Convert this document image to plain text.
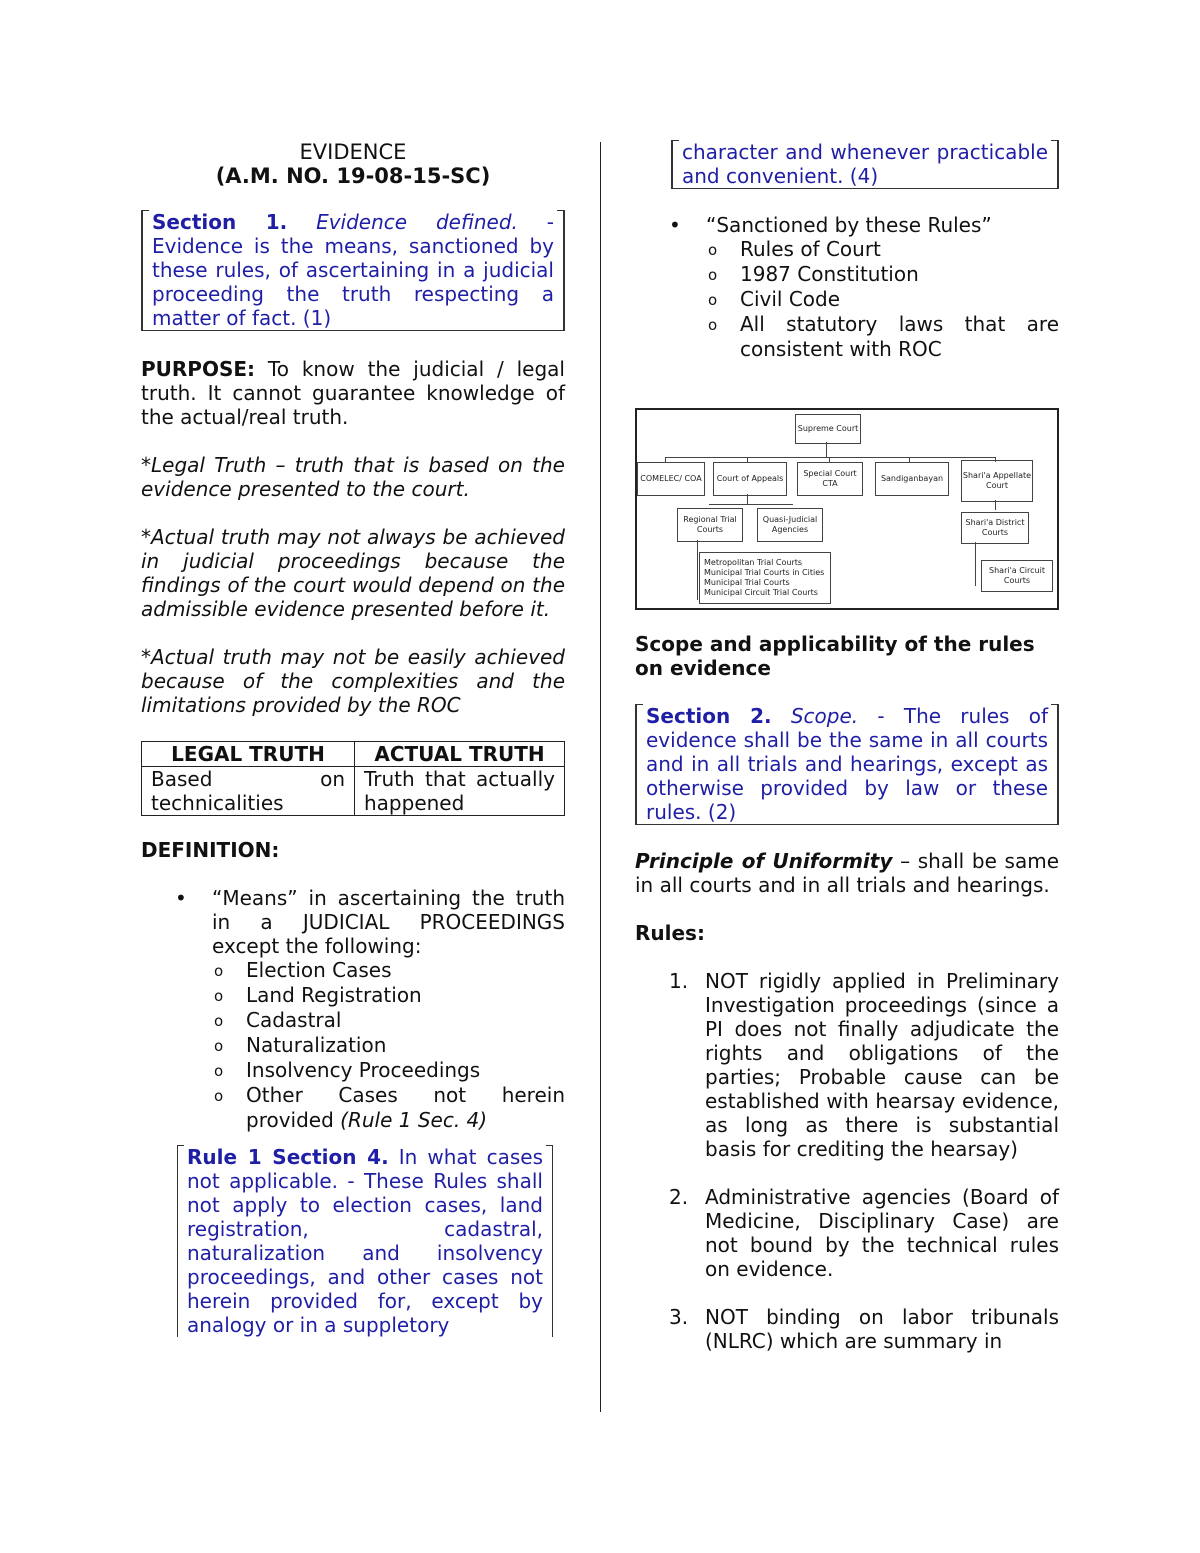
EVIDENCE

(A.M. NO. 19-08-15-SC)

Section 1. Evidence defined. - Evidence is the means, sanctioned by these rules, of ascertaining in a judicial proceeding the truth respecting a matter of fact. (1)

PURPOSE: To know the judicial / legal truth. It cannot guarantee knowledge of the actual/real truth.

*Legal Truth – truth that is based on the evidence presented to the court.

*Actual truth may not always be achieved in judicial proceedings because the findings of the court would depend on the admissible evidence presented before it.

*Actual truth may not be easily achieved because of the complexities and the limitations provided by the ROC

LEGAL TRUTH	ACTUAL TRUTH
Based on technicalities	Truth that actually happened

DEFINITION:

• “Means” in ascertaining the truth in a JUDICIAL PROCEEDINGS except the following:
o Election Cases
o Land Registration
o Cadastral
o Naturalization
o Insolvency Proceedings
o Other Cases not herein provided (Rule 1 Sec. 4)

Rule 1 Section 4. In what cases not applicable. - These Rules shall not apply to election cases, land registration, cadastral, naturalization and insolvency proceedings, and other cases not herein provided for, except by analogy or in a suppletory

character and whenever practicable and convenient. (4)

• “Sanctioned by these Rules”
o Rules of Court
o 1987 Constitution
o Civil Code
o All statutory laws that are consistent with ROC
Supreme Court
COMELEC/ COA	Court of Appeals
Special Court CTA
Sandiganbayan	Shari'a Appellate Court
Regional Trial Courts
Quasi-Judicial Agencies
Shari'a District Courts
Metropolitan Trial Courts
Municipal Trial Courts in Cities
Municipal Trial Courts
Municipal Circuit Trial Courts
Shari'a Circuit Courts

Scope and applicability of the rules on evidence

Section 2. Scope. - The rules of evidence shall be the same in all courts and in all trials and hearings, except as otherwise provided by law or these rules. (2)

Principle of Uniformity – shall be same in all courts and in all trials and hearings.

Rules:

1. NOT rigidly applied in Preliminary Investigation proceedings (since a PI does not finally adjudicate the rights and obligations of the parties; Probable cause can be established with hearsay evidence, as long as there is substantial basis for crediting the hearsay)
2. Administrative agencies (Board of Medicine, Disciplinary Case) are not bound by the technical rules on evidence.
3. NOT binding on labor tribunals (NLRC) which are summary in
